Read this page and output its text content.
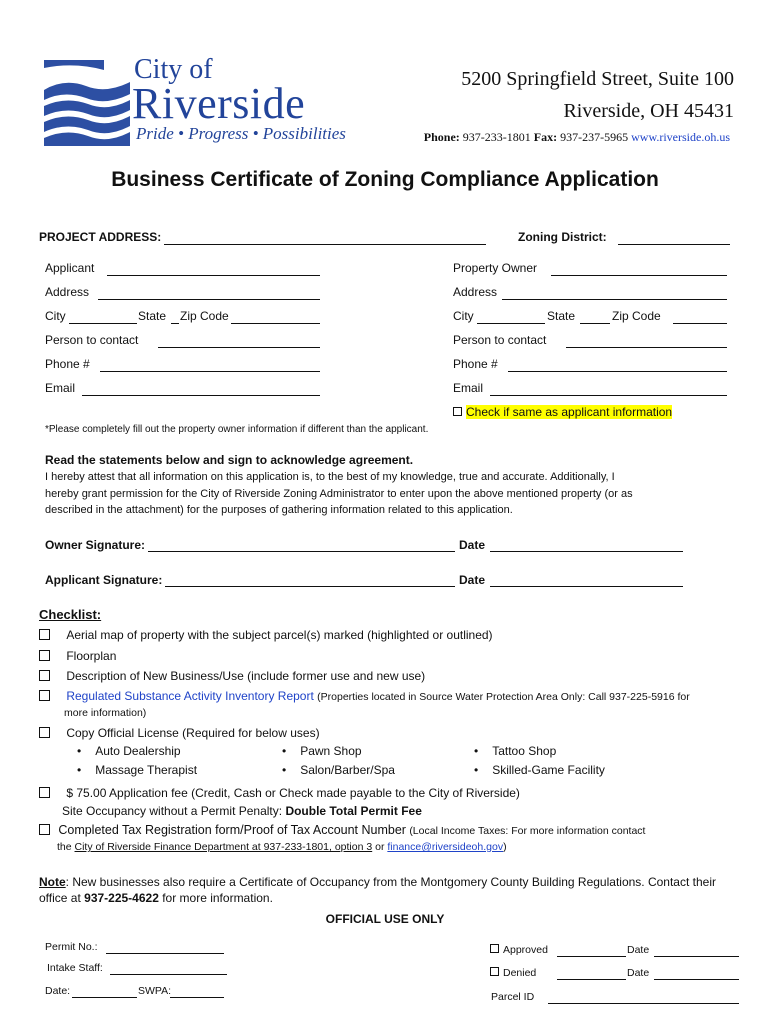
City of
Riverside
Pride • Progress • Possibilities
5200 Springfield Street, Suite 100
Riverside, OH 45431
Phone: 937-233-1801 Fax: 937-237-5965 www.riverside.oh.us
Business Certificate of Zoning Compliance Application
PROJECT ADDRESS:	Zoning District:
Applicant
Address
City	State Zip Code
Person to contact
Phone #
Email
Property Owner
Address
City	State	Zip Code
Person to contact
Phone #
Email
Check if same as applicant information
*Please completely fill out the property owner information if different than the applicant.
Read the statements below and sign to acknowledge agreement.
I hereby attest that all information on this application is, to the best of my knowledge, true and accurate. Additionally, I
hereby grant permission for the City of Riverside Zoning Administrator to enter upon the above mentioned property (or as
described in the attachment) for the purposes of gathering information related to this application.
Owner Signature:	Date
Applicant Signature:	Date
Checklist:
Aerial map of property with the subject parcel(s) marked (highlighted or outlined)
Floorplan
Description of New Business/Use (include former use and new use)
Regulated Substance Activity Inventory Report (Properties located in Source Water Protection Area Only: Call 937-225-5916 for
more information)
Copy Official License (Required for below uses)
• Auto Dealership	• Pawn Shop	• Tattoo Shop
• Massage Therapist	• Salon/Barber/Spa	• Skilled-Game Facility
$ 75.00 Application fee (Credit, Cash or Check made payable to the City of Riverside)
Site Occupancy without a Permit Penalty: Double Total Permit Fee
Completed Tax Registration form/Proof of Tax Account Number (Local Income Taxes: For more information contact
the City of Riverside Finance Department at 937-233-1801, option 3 or finance@riversideoh.gov)
Note: New businesses also require a Certificate of Occupancy from the Montgomery County Building Regulations. Contact their
office at 937-225-4622 for more information.
OFFICIAL USE ONLY
Permit No.:
Intake Staff:
Date:	SWPA:
Approved	Date
Denied	Date
Parcel ID
